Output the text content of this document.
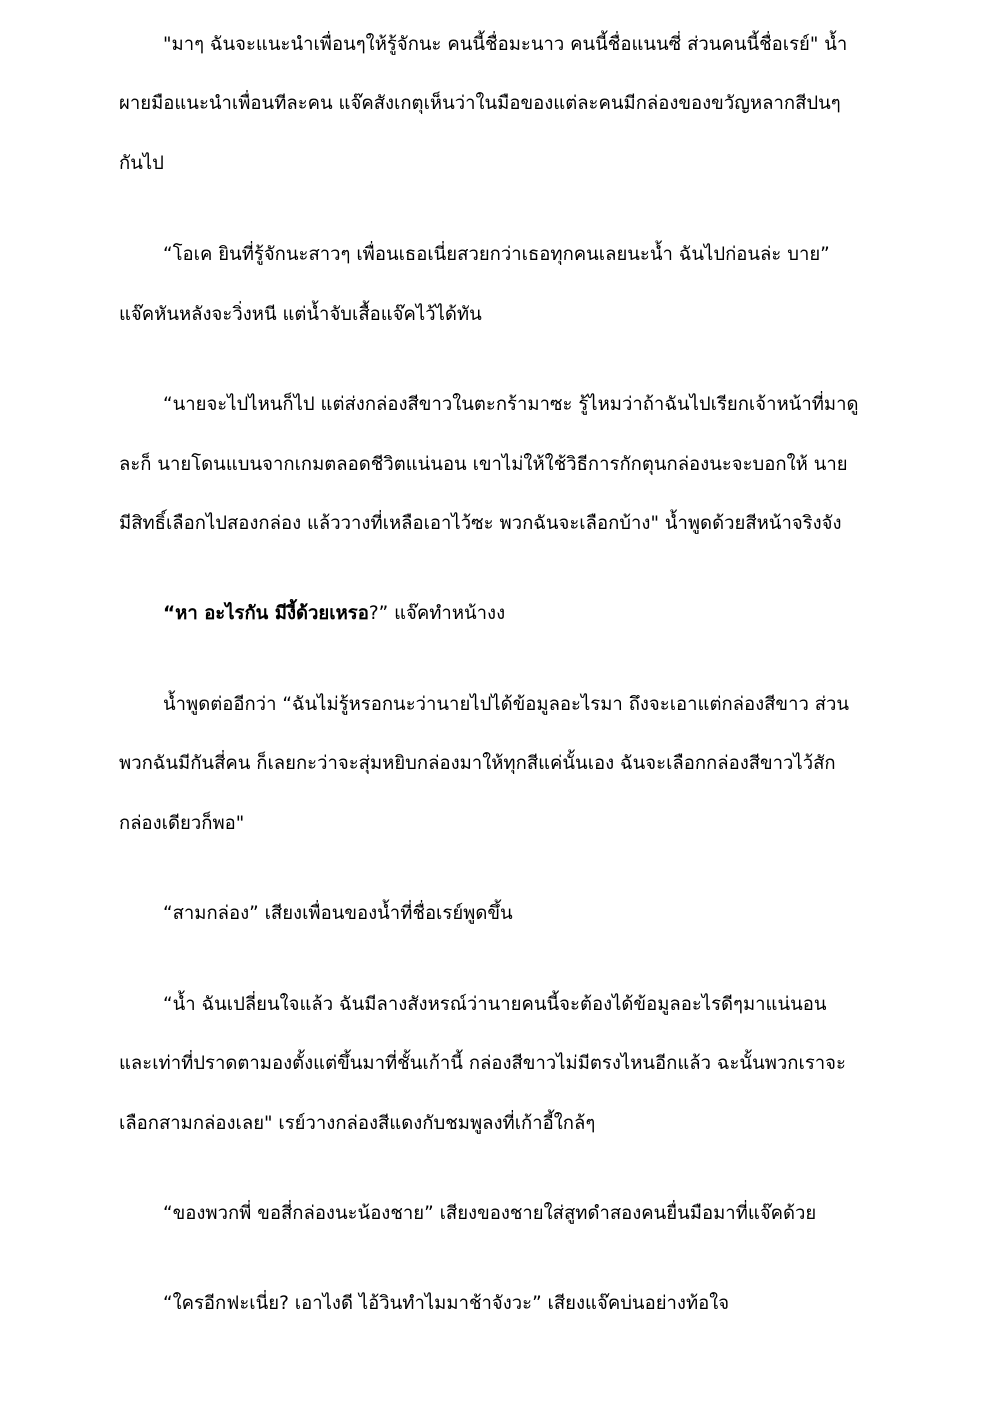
"มาๆ ฉันจะแนะนำเพื่อนๆให้รู้จักนะ คนนี้ชื่อมะนาว คนนี้ชื่อแนนซี่ ส่วนคนนี้ชื่อเรย์" น้ำ
ผายมือแนะนำเพื่อนทีละคน แจ๊คสังเกตุเห็นว่าในมือของแต่ละคนมีกล่องของขวัญหลากสีปนๆ
กันไป
“โอเค ยินที่รู้จักนะสาวๆ เพื่อนเธอเนี่ยสวยกว่าเธอทุกคนเลยนะน้ำ ฉันไปก่อนล่ะ บาย”
แจ๊คหันหลังจะวิ่งหนี แต่น้ำจับเสื้อแจ๊คไว้ได้ทัน
“นายจะไปไหนก็ไป แต่ส่งกล่องสีขาวในตะกร้ามาซะ รู้ไหมว่าถ้าฉันไปเรียกเจ้าหน้าที่มาดู
ละก็ นายโดนแบนจากเกมตลอดชีวิตแน่นอน เขาไม่ให้ใช้วิธีการกักตุนกล่องนะจะบอกให้ นาย
มีสิทธิ์เลือกไปสองกล่อง แล้ววางที่เหลือเอาไว้ซะ พวกฉันจะเลือกบ้าง" น้ำพูดด้วยสีหน้าจริงจัง
“หา อะไรกัน มีงี้ด้วยเหรอ?” แจ๊คทำหน้างง
น้ำพูดต่ออีกว่า “ฉันไม่รู้หรอกนะว่านายไปได้ข้อมูลอะไรมา ถึงจะเอาแต่กล่องสีขาว ส่วน
พวกฉันมีกันสี่คน ก็เลยกะว่าจะสุ่มหยิบกล่องมาให้ทุกสีแค่นั้นเอง ฉันจะเลือกกล่องสีขาวไว้สัก
กล่องเดียวก็พอ"
“สามกล่อง” เสียงเพื่อนของน้ำที่ชื่อเรย์พูดขึ้น
“น้ำ ฉันเปลี่ยนใจแล้ว ฉันมีลางสังหรณ์ว่านายคนนี้จะต้องได้ข้อมูลอะไรดีๆมาแน่นอน
และเท่าที่ปราดตามองตั้งแต่ขึ้นมาที่ชั้นเก้านี้ กล่องสีขาวไม่มีตรงไหนอีกแล้ว ฉะนั้นพวกเราจะ
เลือกสามกล่องเลย" เรย์วางกล่องสีแดงกับชมพูลงที่เก้าอี้ใกล้ๆ
“ของพวกพี่ ขอสี่กล่องนะน้องชาย” เสียงของชายใส่สูทดำสองคนยื่นมือมาที่แจ๊คด้วย
“ใครอีกฟะเนี่ย? เอาไงดี ไอ้วินทำไมมาช้าจังวะ” เสียงแจ๊คบ่นอย่างท้อใจ
